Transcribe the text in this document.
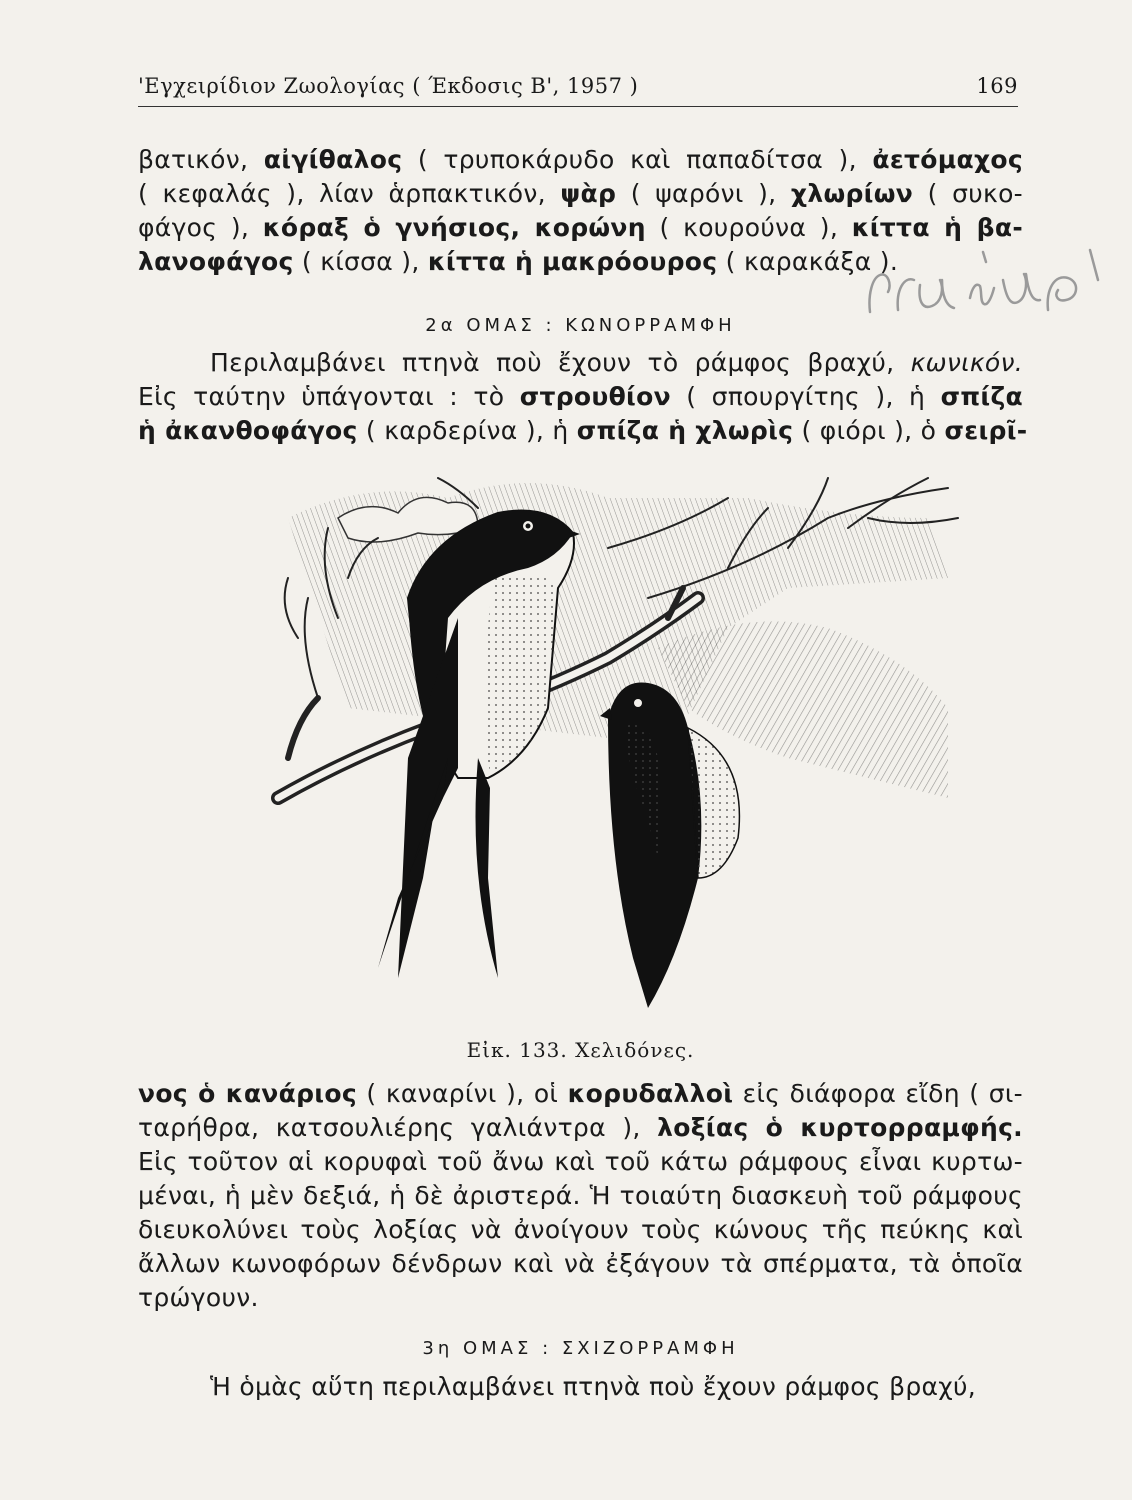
'Εγχειρίδιον Ζωολογίας ( Έκδοσις Β', 1957 )	169
βατικόν, αἰγίθαλος ( τρυποκάρυδο καὶ παπαδίτσα ), ἀετόμαχος
( κεφαλάς ), λίαν ἁρπακτικόν, ψὰρ ( ψαρόνι ), χλωρίων ( συκο-
φάγος ), κόραξ ὁ γνήσιος, κορώνη ( κουρούνα ), κίττα ἡ βα-
λανοφάγος ( κίσσα ), κίττα ἡ μακρόουρος ( καρακάξα ).
2α ΟΜΑΣ : ΚΩΝΟΡΡΑΜΦΗ
Περιλαμβάνει πτηνὰ ποὺ ἔχουν τὸ ράμφος βραχύ, κωνικόν.
Εἰς ταύτην ὑπάγονται : τὸ στρουθίον ( σπουργίτης ), ἡ σπίζα
ἡ ἀκανθοφάγος ( καρδερίνα ), ἡ σπίζα ἡ χλωρὶς ( φιόρι ), ὁ σειρῖ-
Εἰκ. 133. Χελιδόνες.
νος ὁ κανάριος ( καναρίνι ), οἱ κορυδαλλοὶ εἰς διάφορα εἴδη ( σι-
ταρήθρα, κατσουλιέρης γαλιάντρα ), λοξίας ὁ κυρτορραμφής.
Εἰς τοῦτον αἱ κορυφαὶ τοῦ ἄνω καὶ τοῦ κάτω ράμφους εἶναι κυρτω-
μέναι, ἡ μὲν δεξιά, ἡ δὲ ἀριστερά. Ἡ τοιαύτη διασκευὴ τοῦ ράμφους
διευκολύνει τοὺς λοξίας νὰ ἀνοίγουν τοὺς κώνους τῆς πεύκης καὶ
ἄλλων κωνοφόρων δένδρων καὶ νὰ ἐξάγουν τὰ σπέρματα, τὰ ὁποῖα
τρώγουν.
3η ΟΜΑΣ : ΣΧΙΖΟΡΡΑΜΦΗ
Ἡ ὁμὰς αὕτη περιλαμβάνει πτηνὰ ποὺ ἔχουν ράμφος βραχύ,
